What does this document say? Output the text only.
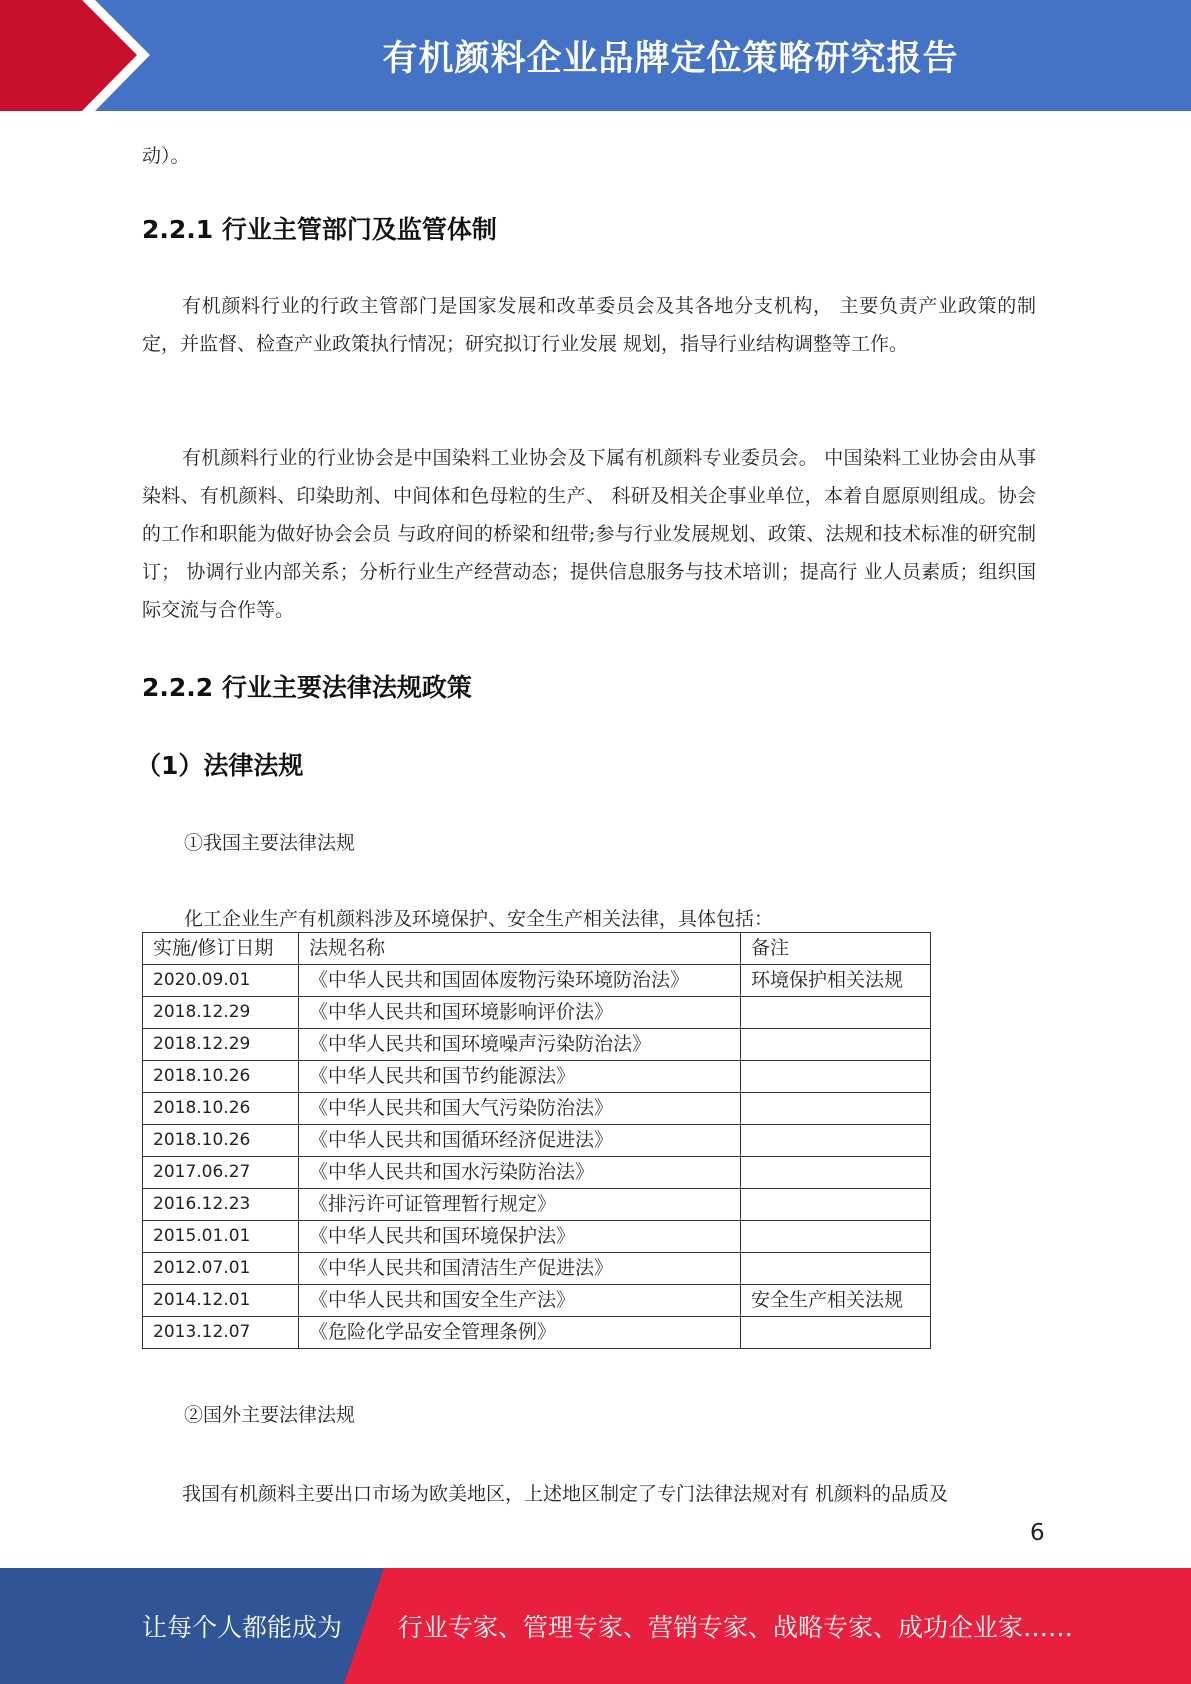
有机颜料企业品牌定位策略研究报告

动）。

2.2.1 行业主管部门及监管体制

有机颜料行业的行政主管部门是国家发展和改革委员会及其各地分支机构， 主要负责产业政策的制定，并监督、检查产业政策执行情况；研究拟订行业发展 规划，指导行业结构调整等工作。

有机颜料行业的行业协会是中国染料工业协会及下属有机颜料专业委员会。 中国染料工业协会由从事染料、有机颜料、印染助剂、中间体和色母粒的生产、 科研及相关企事业单位，本着自愿原则组成。协会的工作和职能为做好协会会员 与政府间的桥梁和纽带;参与行业发展规划、政策、法规和技术标准的研究制订； 协调行业内部关系；分析行业生产经营动态；提供信息服务与技术培训；提高行 业人员素质；组织国际交流与合作等。

2.2.2 行业主要法律法规政策
（1）法律法规

①我国主要法律法规

化工企业生产有机颜料涉及环境保护、安全生产相关法律，具体包括：

②国外主要法律法规

我国有机颜料主要出口市场为欧美地区，上述地区制定了专门法律法规对有 机颜料的品质及

实施/修订日期	法规名称	备注
2020.09.01	《中华人民共和国固体废物污染环境防治法》	环境保护相关法规
2018.12.29	《中华人民共和国环境影响评价法》	
2018.12.29	《中华人民共和国环境噪声污染防治法》	
2018.10.26	《中华人民共和国节约能源法》	
2018.10.26	《中华人民共和国大气污染防治法》	
2018.10.26	《中华人民共和国循环经济促进法》	
2017.06.27	《中华人民共和国水污染防治法》	
2016.12.23	《排污许可证管理暂行规定》	
2015.01.01	《中华人民共和国环境保护法》	
2012.07.01	《中华人民共和国清洁生产促进法》	
2014.12.01	《中华人民共和国安全生产法》	安全生产相关法规
2013.12.07	《危险化学品安全管理条例》	
6
让每个人都能成为 行业专家、管理专家、营销专家、战略专家、成功企业家……
